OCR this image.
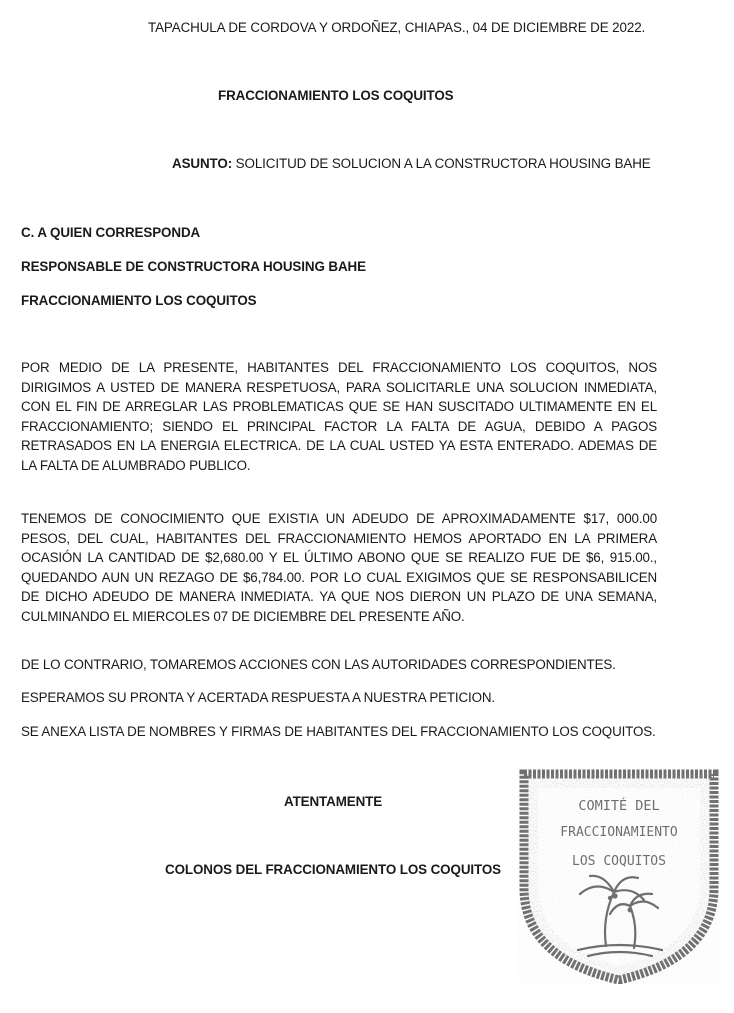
TAPACHULA DE CORDOVA Y ORDOÑEZ, CHIAPAS., 04 DE DICIEMBRE DE 2022.
FRACCIONAMIENTO LOS COQUITOS
ASUNTO: SOLICITUD DE SOLUCION A LA CONSTRUCTORA HOUSING BAHE
C. A QUIEN CORRESPONDA
RESPONSABLE DE CONSTRUCTORA HOUSING BAHE
FRACCIONAMIENTO LOS COQUITOS
POR MEDIO DE LA PRESENTE, HABITANTES DEL FRACCIONAMIENTO LOS COQUITOS, NOS DIRIGIMOS A USTED DE MANERA RESPETUOSA, PARA SOLICITARLE UNA SOLUCION INMEDIATA, CON EL FIN DE ARREGLAR LAS PROBLEMATICAS QUE SE HAN SUSCITADO ULTIMAMENTE EN EL FRACCIONAMIENTO; SIENDO EL PRINCIPAL FACTOR LA FALTA DE AGUA, DEBIDO A PAGOS RETRASADOS EN LA ENERGIA ELECTRICA. DE LA CUAL USTED YA ESTA ENTERADO. ADEMAS DE LA FALTA DE ALUMBRADO PUBLICO.
TENEMOS DE CONOCIMIENTO QUE EXISTIA UN ADEUDO DE APROXIMADAMENTE $17, 000.00 PESOS, DEL CUAL, HABITANTES DEL FRACCIONAMIENTO HEMOS APORTADO EN LA PRIMERA OCASIÓN LA CANTIDAD DE $2,680.00 Y EL ÚLTIMO ABONO QUE SE REALIZO FUE DE $6, 915.00., QUEDANDO AUN UN REZAGO DE $6,784.00. POR LO CUAL EXIGIMOS QUE SE RESPONSABILICEN DE DICHO ADEUDO DE MANERA INMEDIATA. YA QUE NOS DIERON UN PLAZO DE UNA SEMANA, CULMINANDO EL MIERCOLES 07 DE DICIEMBRE DEL PRESENTE AÑO.
DE LO CONTRARIO, TOMAREMOS ACCIONES CON LAS AUTORIDADES CORRESPONDIENTES.
ESPERAMOS SU PRONTA Y ACERTADA RESPUESTA A NUESTRA PETICION.
SE ANEXA LISTA DE NOMBRES Y FIRMAS DE HABITANTES DEL FRACCIONAMIENTO LOS COQUITOS.
ATENTAMENTE
COLONOS DEL FRACCIONAMIENTO LOS COQUITOS
COMITÉ DEL
FRACCIONAMIENTO
LOS COQUITOS
